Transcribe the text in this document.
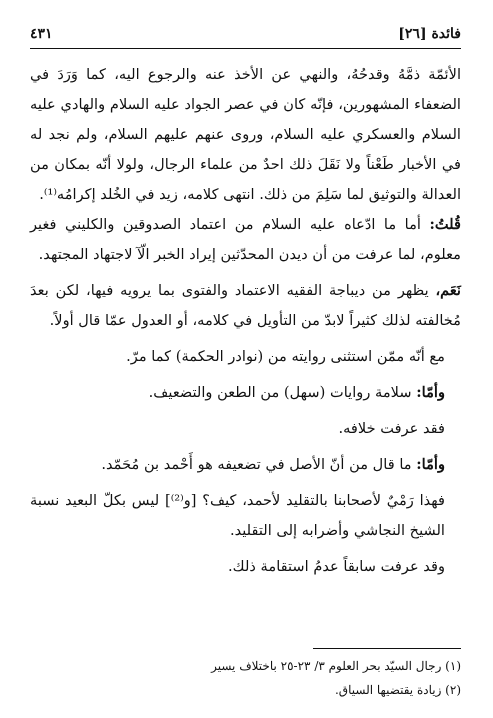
فائدة [٢٦]
٤٣١

الأئمّة ذمَّهُ وقدحُهُ، والنهي عن الأخذ عنه والرجوع اليه، كما وَرَدَ في الضعفاء المشهورين، فإنّه كان في عصر الجواد عليه السلام والهادي عليه السلام والعسكري عليه السلام، وروى عنهم عليهم السلام، ولم نجد له في الأخبار طَعْناً ولا نَقَلَ ذلك احدٌ من علماء الرجال، ولولا أنّه بمكان من العدالة والتوثيق لما سَلِمَ من ذلك. انتهى كلامه، زيد في الخُلد إكرامُه⁽¹⁾.

قُلتُ: أما ما ادّعاه عليه السلام من اعتماد الصدوقين والكليني فغير معلوم، لما عرفت من أن ديدن المحدّثين إيراد الخبر الّآ لاجتهاد المجتهد.

نَعَم، يظهر من ديباجة الفقيه الاعتماد والفتوى بما يرويه فيها، لكن بعدَ مُخالفته لذلك كثيراً لابدّ من التأويل في كلامه، أو العدول عمّا قال أولاً.

مع أنّه ممّن استثنى روايته من (نوادر الحكمة) كما مرّ.

وأمّا: سلامة روايات (سهل) من الطعن والتضعيف.

فقد عرفت خلافه.

وأمّا: ما قال من أنّ الأصل في تضعيفه هو أَحْمد بن مُحَمّد.

فهذا رَمْيٌ لأصحابنا بالتقليد لأحمد، كيف؟ [و⁽²⁾] ليس بكلّ البعيد نسبة الشيخ النجاشي وأضرابه إلى التقليد.

وقد عرفت سابقاً عدمُ استقامة ذلك.

(١) رجال السيّد بحر العلوم ٣/ ٢٣-٢٥ باختلاف يسير
(٢) زيادة يقتضيها السياق.
